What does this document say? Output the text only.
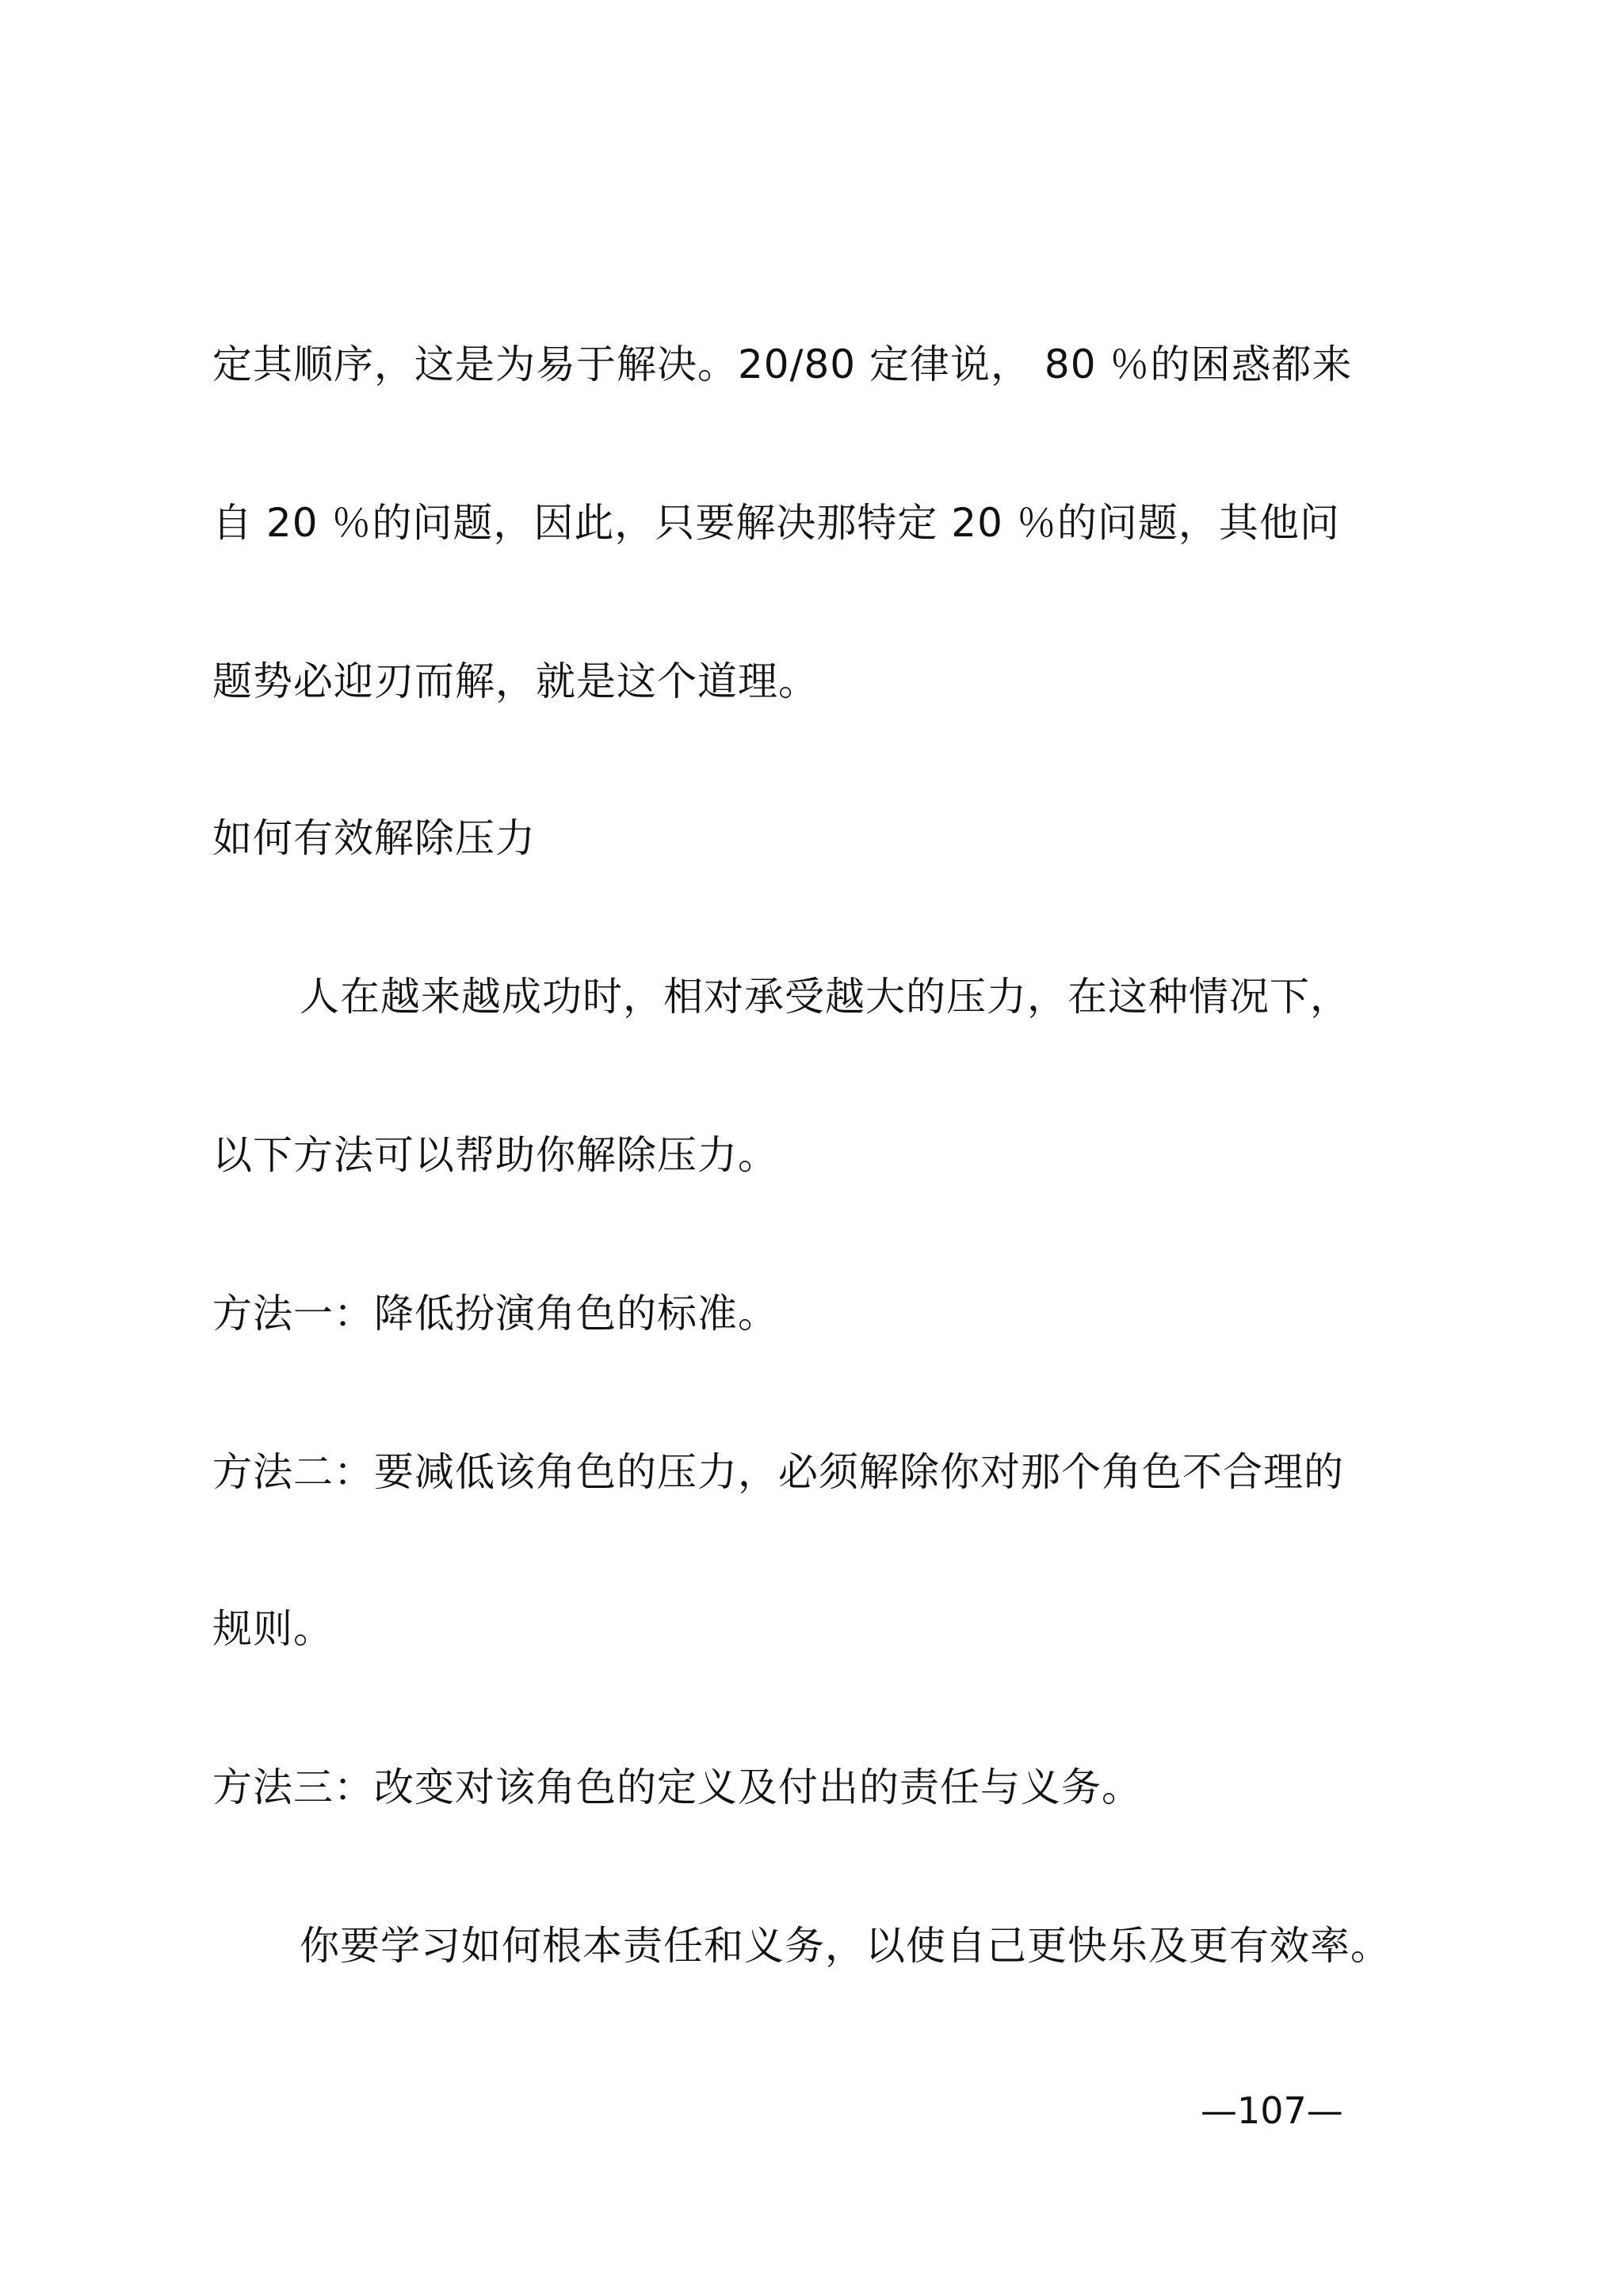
定其顺序，这是为易于解决。20/80 定律说， 80 ％的困惑都来
自 20 ％的问题，因此，只要解决那特定 20 ％的问题，其他问
题势必迎刃而解，就是这个道理。
如何有效解除压力
人在越来越成功时，相对承受越大的压力，在这种情况下，
以下方法可以帮助你解除压力。
方法一：降低扮演角色的标准。
方法二：要减低该角色的压力，必须解除你对那个角色不合理的
规则。
方法三：改变对该角色的定义及付出的责任与义务。
你要学习如何根本责任和义务，以使自己更快乐及更有效率。
—107—
